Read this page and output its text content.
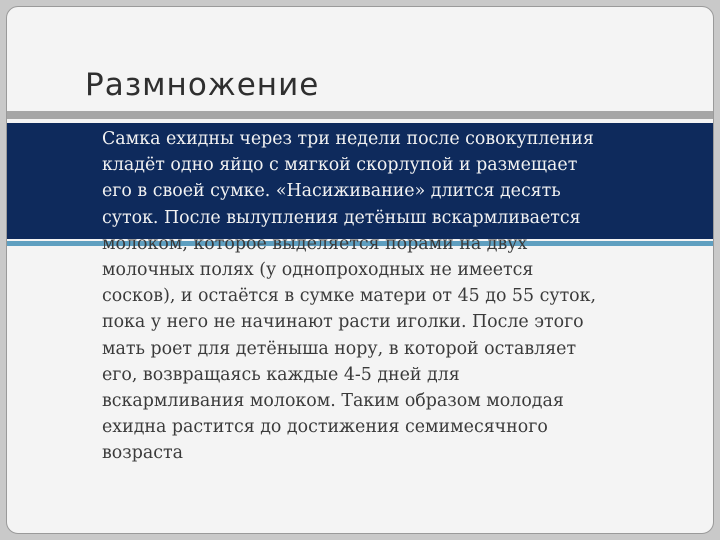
Размножение
Самка ехидны через три недели после совокупления
кладёт одно яйцо с мягкой скорлупой и размещает
его в своей сумке. «Насиживание» длится десять
суток. После вылупления детёныш вскармливается
молоком, которое выделяется порами на двух
молочных полях (у однопроходных не имеется
сосков), и остаётся в сумке матери от 45 до 55 суток,
пока у него не начинают расти иголки. После этого
мать роет для детёныша нору, в которой оставляет
его, возвращаясь каждые 4-5 дней для
вскармливания молоком. Таким образом молодая
ехидна растится до достижения семимесячного
возраста
